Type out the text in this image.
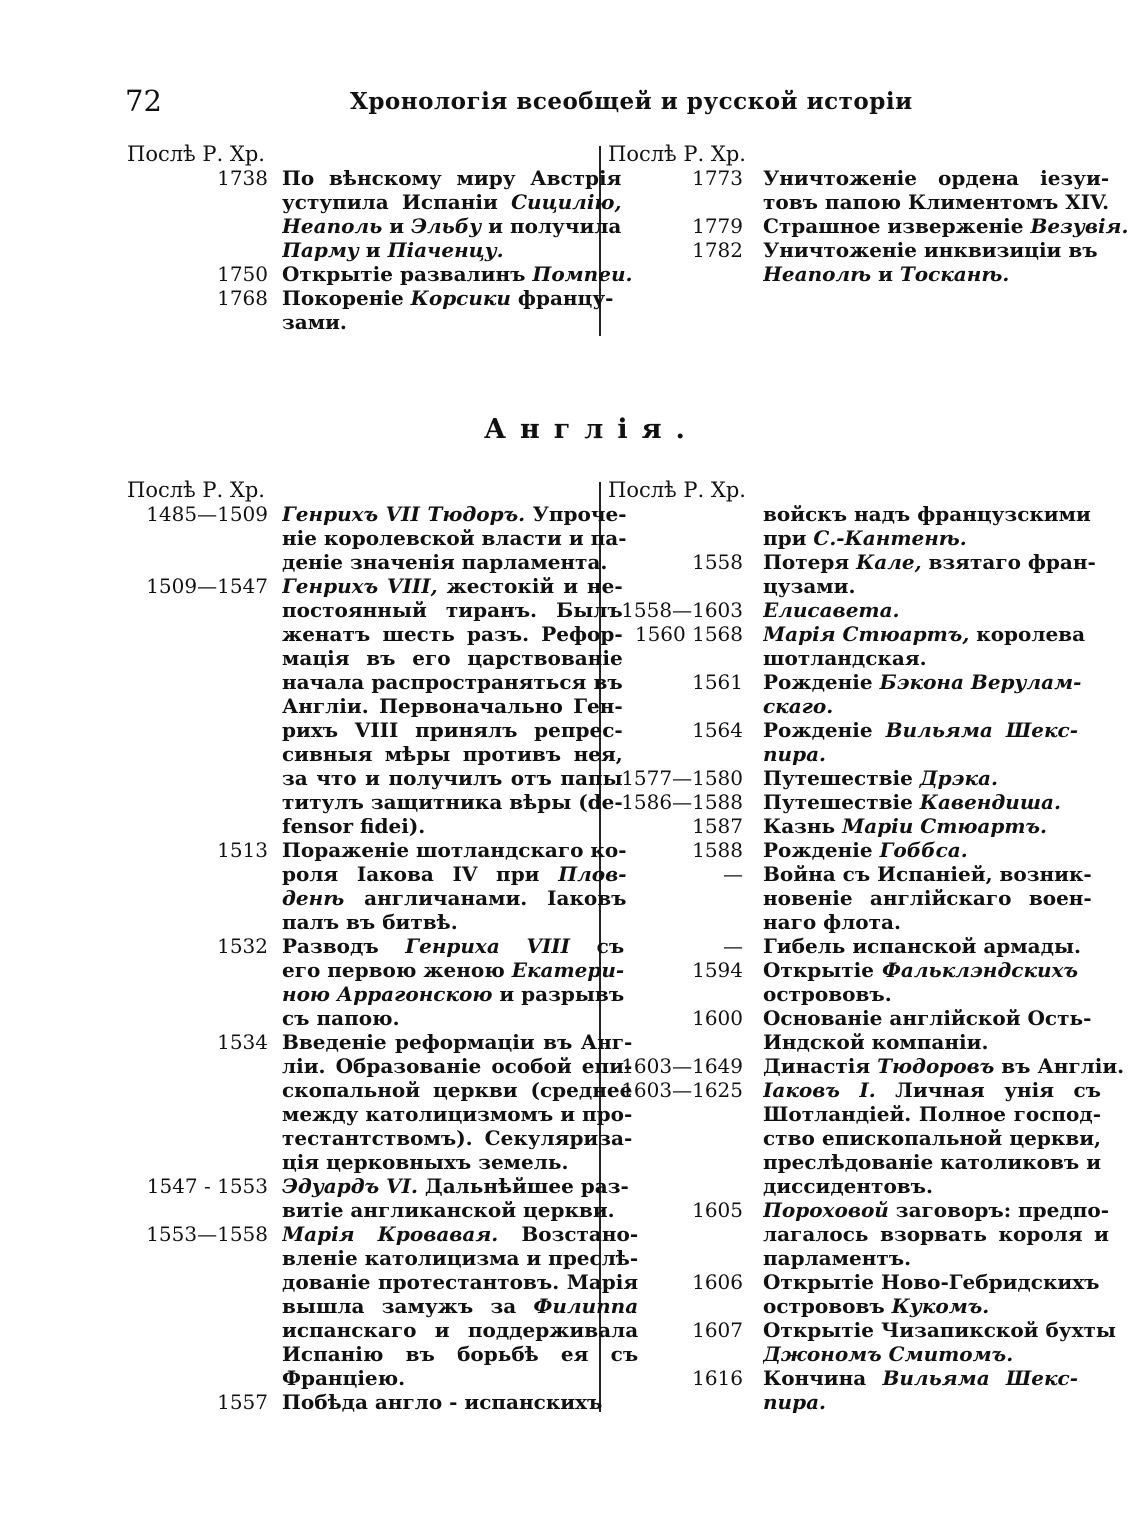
72	Хронологія всеобщей и русской исторіи
Послѣ Р. Хр.
1738 По вѣнскому миру Австрія
уступила Испаніи Сицилію,
Неаполь и Эльбу и получила
Парму и Піаченцу.
1750 Открытіе развалинъ Помпеи.
1768 Покореніе Корсики францу-
зами.
Послѣ Р. Хр.
1773	Уничтоженіе ордена іезуи-
товъ папою Климентомъ XIV.
1779	Страшное изверженіе Везувія.
1782	Уничтоженіе инквизиціи въ
Неаполѣ и Тосканѣ.
Англія.
Послѣ Р. Хр.
1485—1509 Генрихъ VII Тюдоръ. Упроче-
ніе королевской власти и па-
деніе значенія парламента.
1509—1547 Генрихъ VIII, жестокій и не-
постоянный тиранъ. Былъ
женатъ шесть разъ. Рефор-
мація въ его царствованіе
начала распространяться въ
Англіи. Первоначально Ген-
рихъ VIII принялъ репрес-
сивныя мѣры противъ нея,
за что и получилъ отъ папы
титулъ защитника вѣры (de-
fensor fidei).
1513 Пораженіе шотландскаго ко-
роля Іакова IV при Плов-
денѣ англичанами. Іаковъ
палъ въ битвѣ.
1532 Разводъ Генриха VIII съ
его первою женою Екатери-
ною Аррагонскою и разрывъ
съ папою.
1534 Введеніе реформаціи въ Анг-
ліи. Образованіе особой епи-
скопальной церкви (среднее
между католицизмомъ и про-
тестантствомъ). Секуляриза-
ція церковныхъ земель.
1547 - 1553 Эдуардъ VI. Дальнѣйшее раз-
витіе англиканской церкви.
1553—1558 Марія Кровавая. Возстано-
вленіе католицизма и преслѣ-
дованіе протестантовъ. Марія
вышла замужъ за Филиппа
испанскаго и поддерживала
Испанію въ борьбѣ ея съ
Франціею.
1557 Побѣда англо - испанскихъ
Послѣ Р. Хр.
войскъ надъ французскими
при С.-Кантенѣ.
1558	Потеря Кале, взятаго фран-
цузами.
1558—1603	Елисавета.
1560 1568	Марія Стюартъ, королева
шотландская.
1561	Рожденіе Бэкона Верулам-
скаго.
1564	Рожденіе Вильяма Шекс-
пира.
1577—1580	Путешествіе Дрэка.
1586—1588	Путешествіе Кавендиша.
1587	Казнь Маріи Стюартъ.
1588	Рожденіе Гоббса.
—	Война съ Испаніей, возник-
новеніе англійскаго воен-
наго флота.
—	Гибель испанской армады.
1594	Открытіе Фальклэндскихъ
острововъ.
1600	Основаніе англійской Ость-
Индской компаніи.
1603—1649	Династія Тюдоровъ въ Англіи.
1603—1625	Іаковъ I. Личная унія съ
Шотландіей. Полное господ-
ство епископальной церкви,
преслѣдованіе католиковъ и
диссидентовъ.
1605	Пороховой заговоръ: предпо-
лагалось взорвать короля и
парламентъ.
1606	Открытіе Ново-Гебридскихъ
острововъ Кукомъ.
1607	Открытіе Чизапикской бухты
Джономъ Смитомъ.
1616	Кончина Вильяма Шекс-
пира.
